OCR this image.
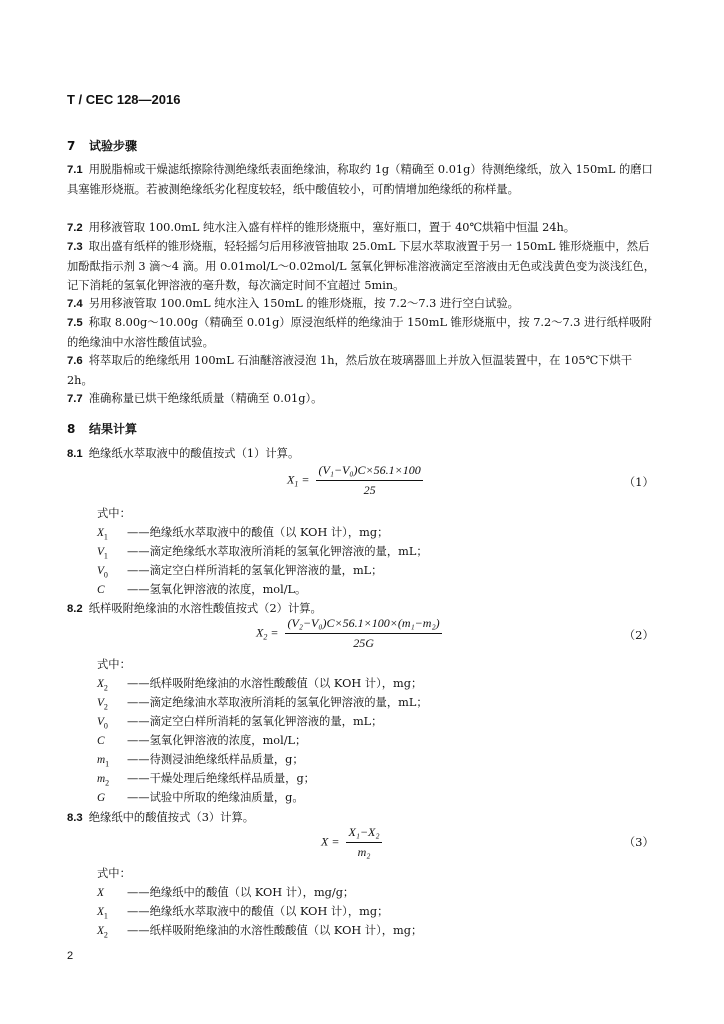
T / CEC 128—2016
7 试验步骤
7.1 用脱脂棉或干燥滤纸擦除待测绝缘纸表面绝缘油，称取约 1g（精确至 0.01g）待测绝缘纸，放入 150mL 的磨口具塞锥形烧瓶。若被测绝缘纸劣化程度较轻，纸中酸值较小，可酌情增加绝缘纸的称样量。
7.2 用移液管取 100.0mL 纯水注入盛有样样的锥形烧瓶中，塞好瓶口，置于 40℃烘箱中恒温 24h。
7.3 取出盛有纸样的锥形烧瓶，轻轻摇匀后用移液管抽取 25.0mL 下层水萃取液置于另一 150mL 锥形烧瓶中，然后加酚酞指示剂 3 滴～4 滴。用 0.01mol/L～0.02mol/L 氢氧化钾标准溶液滴定至溶液由无色或浅黄色变为淡浅红色，记下消耗的氢氧化钾溶液的毫升数，每次滴定时间不宜超过 5min。
7.4 另用移液管取 100.0mL 纯水注入 150mL 的锥形烧瓶，按 7.2～7.3 进行空白试验。
7.5 称取 8.00g～10.00g（精确至 0.01g）原浸泡纸样的绝缘油于 150mL 锥形烧瓶中，按 7.2～7.3 进行纸样吸附的绝缘油中水溶性酸值试验。
7.6 将萃取后的绝缘纸用 100mL 石油醚溶液浸泡 1h，然后放在玻璃器皿上并放入恒温装置中，在 105℃下烘干 2h。
7.7 准确称量已烘干绝缘纸质量（精确至 0.01g）。
8 结果计算
8.1 绝缘纸水萃取液中的酸值按式（1）计算。
$X_1 = \frac{\text{(V₁−V₀)C×56.1×100}}{25}$	（1）
式中：
$X_1$ ——绝缘纸水萃取液中的酸值（以 KOH 计），mg；
$V_1$ ——滴定绝缘纸水萃取液所消耗的氢氧化钾溶液的量，mL；
$V_0$ ——滴定空白样所消耗的氢氧化钾溶液的量，mL；
C ——氢氧化钾溶液的浓度，mol/L。
8.2 纸样吸附绝缘油的水溶性酸值按式（2）计算。
$X_2 = \frac{\text{(V₂−V₀)C×56.1×100×(m₁−m₂)}}{25G}$	（2）
式中：
$X_2$ ——纸样吸附绝缘油的水溶性酸酸值（以 KOH 计），mg；
$V_2$ ——滴定绝缘油水萃取液所消耗的氢氧化钾溶液的量，mL；
$V_0$ ——滴定空白样所消耗的氢氧化钾溶液的量，mL；
C ——氢氧化钾溶液的浓度，mol/L；
$m_1$ ——待测浸油绝缘纸样品质量，g；
$m_2$ ——干燥处理后绝缘纸样品质量，g；
G ——试验中所取的绝缘油质量，g。
8.3 绝缘纸中的酸值按式（3）计算。
$X = \frac{\text{X₁−X₂}}{\text{m₂}}$	（3）
式中：
X ——绝缘纸中的酸值（以 KOH 计），mg/g；
$X_1$ ——绝缘纸水萃取液中的酸值（以 KOH 计），mg；
$X_2$ ——纸样吸附绝缘油的水溶性酸酸值（以 KOH 计），mg；
2
